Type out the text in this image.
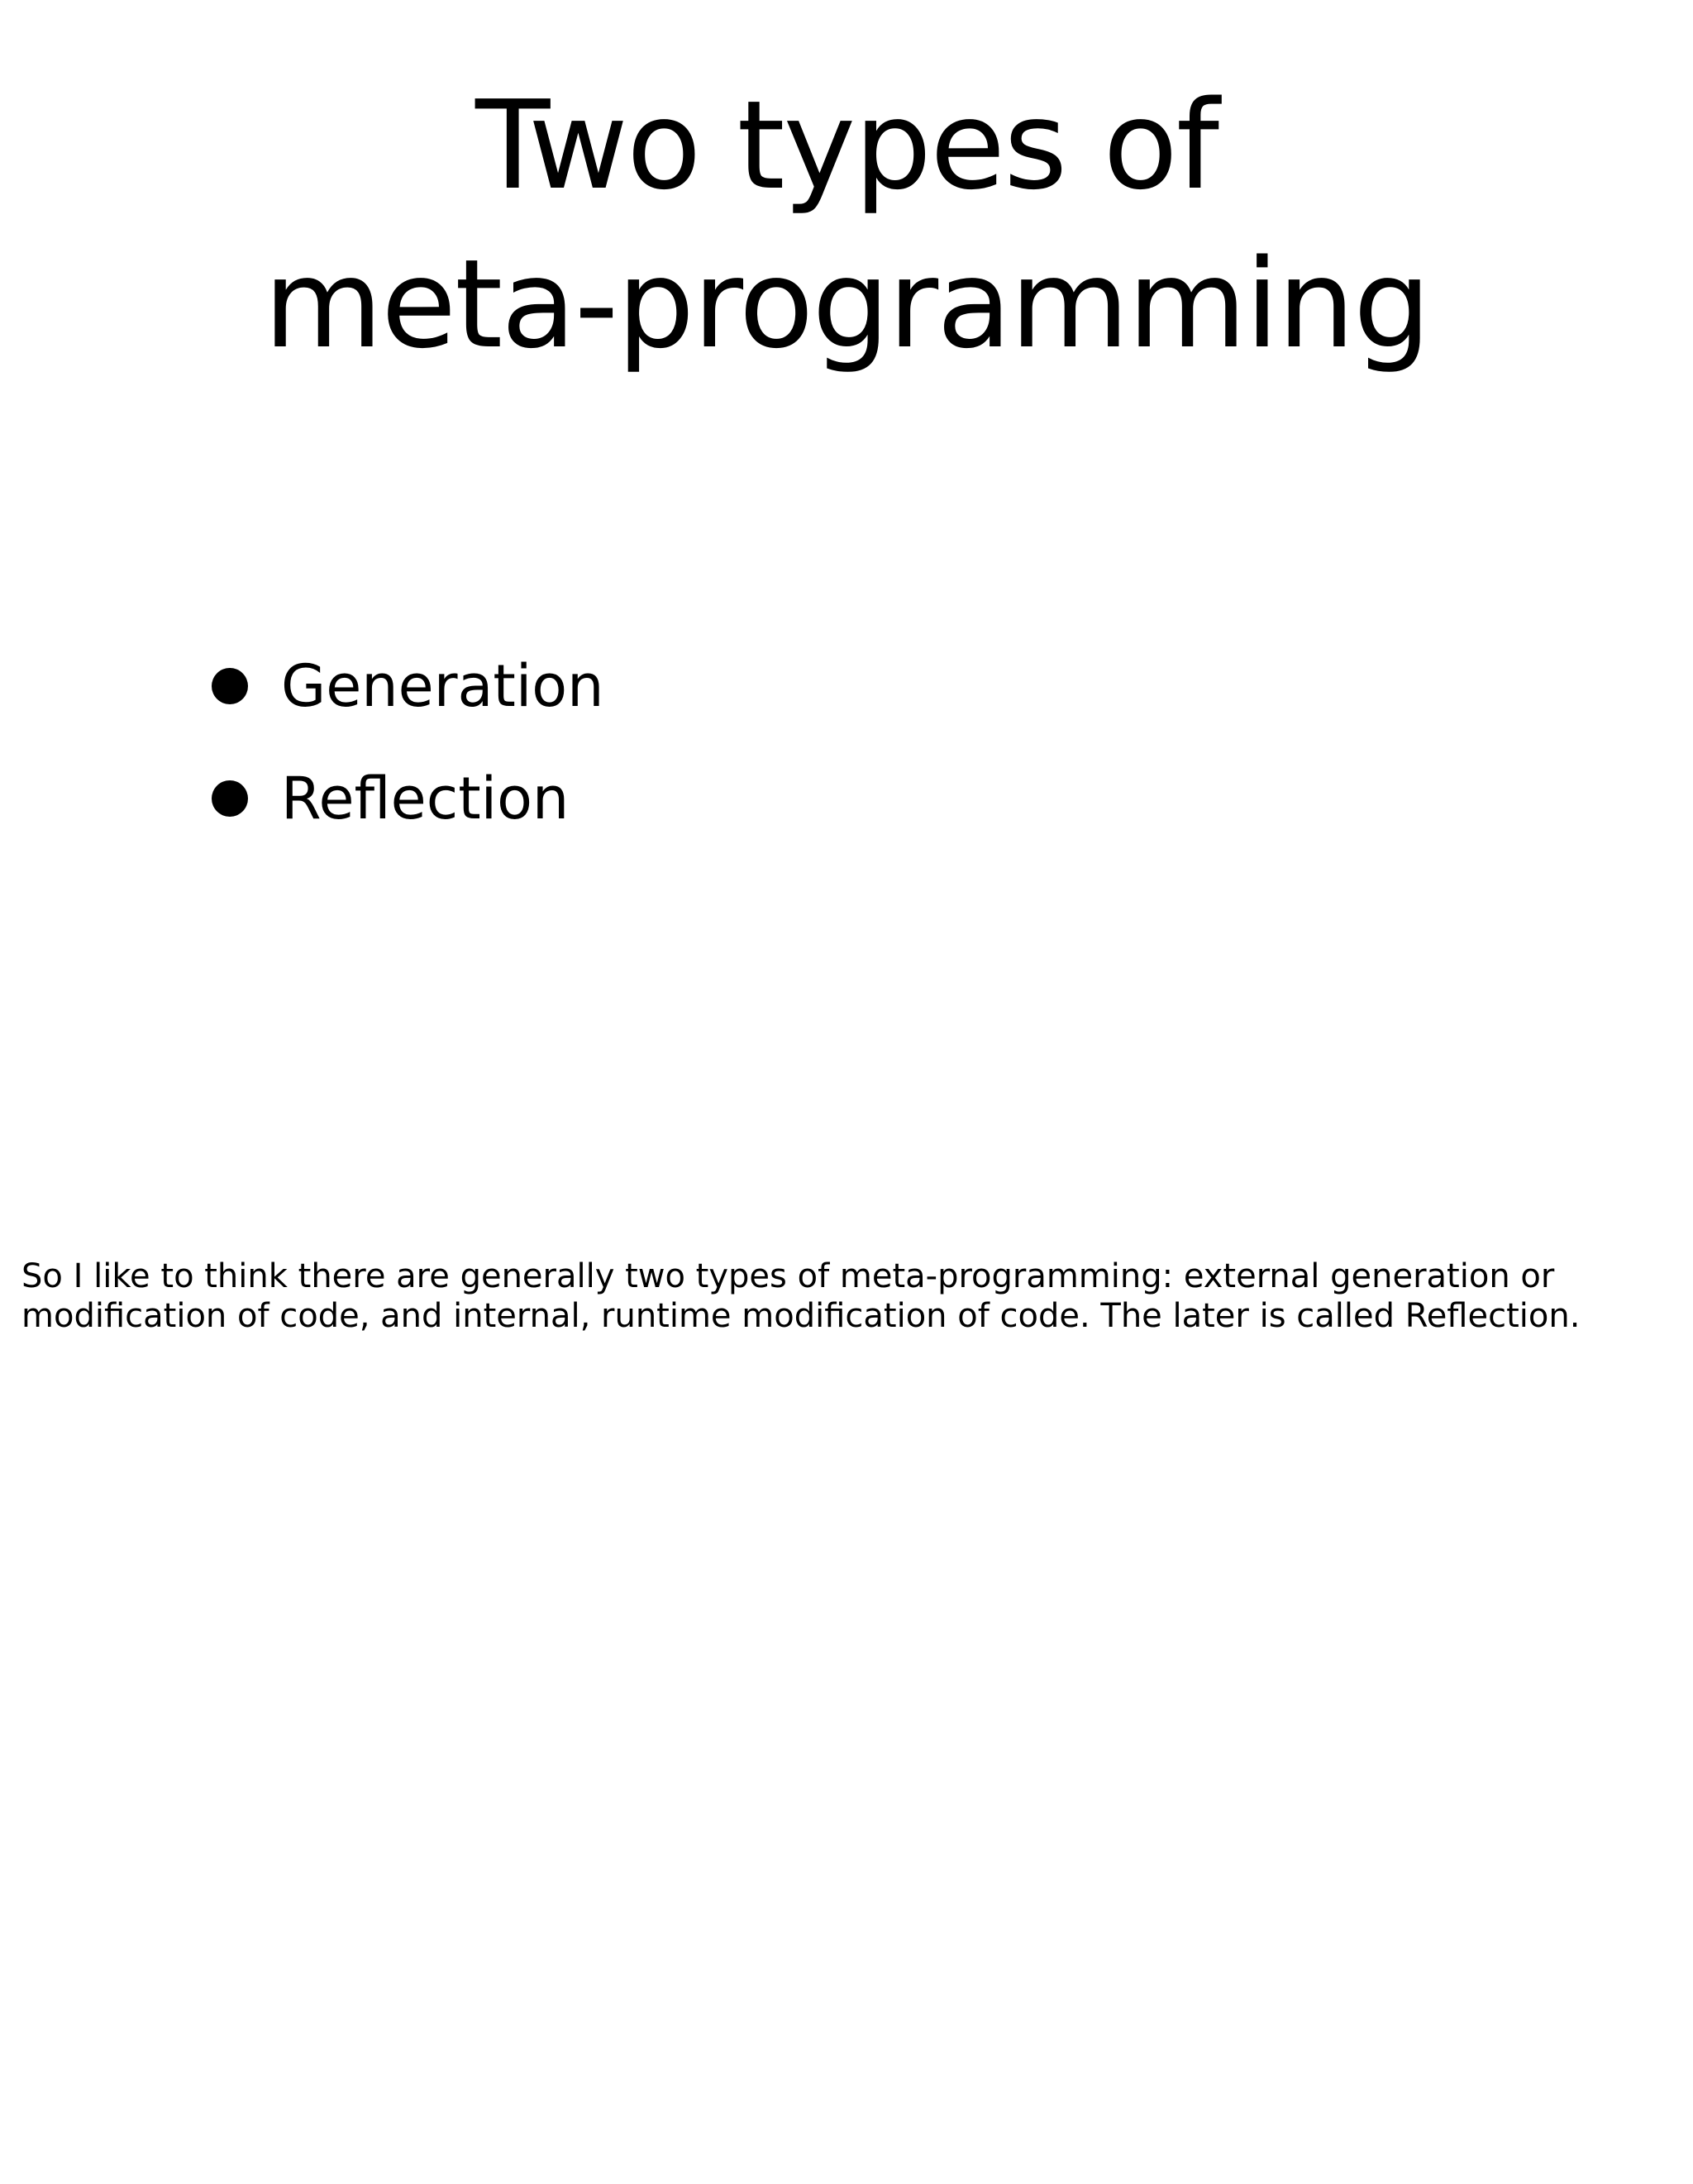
Two types of
meta-programming
Generation
Reflection
So I like to think there are generally two types of meta-programming: external generation or
modification of code, and internal, runtime modification of code. The later is called Reflection.
